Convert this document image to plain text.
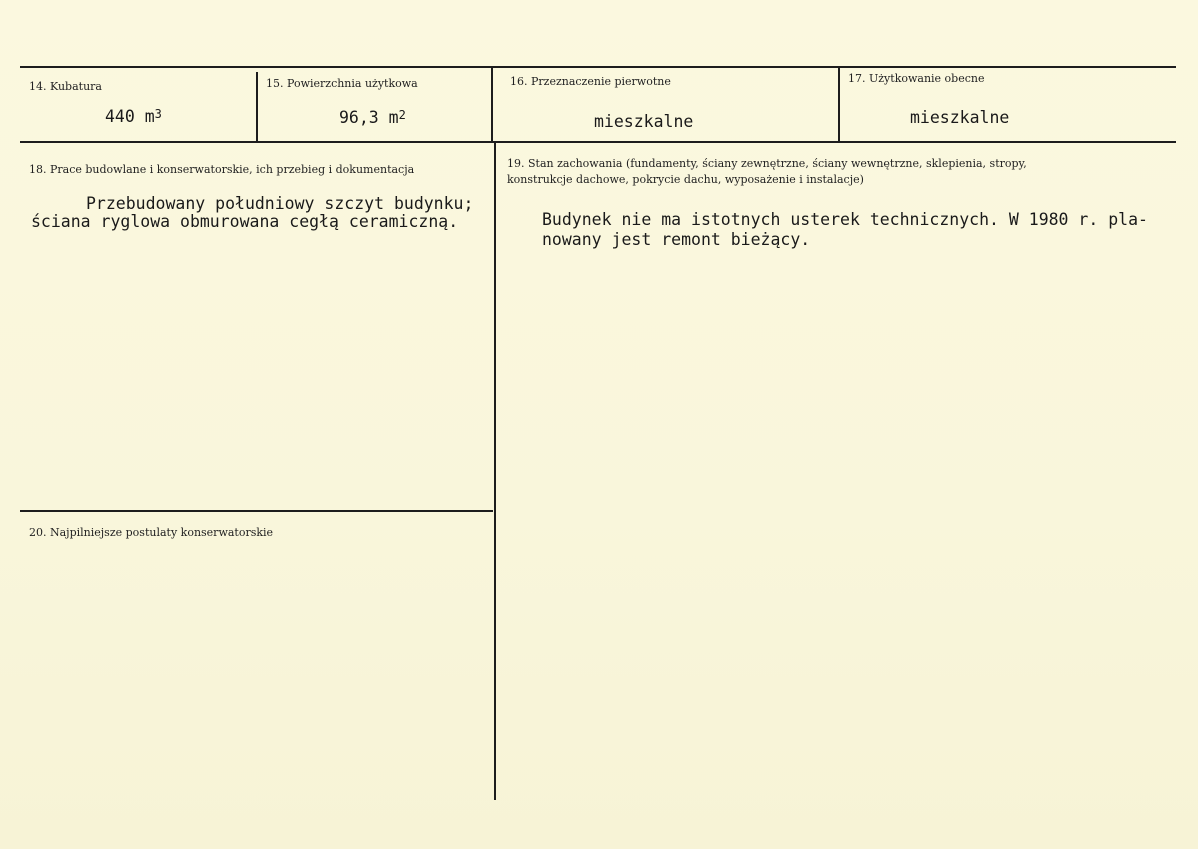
14. Kubatura
440 $m^3$
15. Powierzchnia użytkowa
96,3 $m^2$
16. Przeznaczenie pierwotne
mieszkalne
17. Użytkowanie obecne
mieszkalne
18. Prace budowlane i konserwatorskie, ich przebieg i dokumentacja
Przebudowany południowy szczyt budynku;
ściana ryglowa obmurowana cegłą ceramiczną.
19. Stan zachowania (fundamenty, ściany zewnętrzne, ściany wewnętrzne, sklepienia, stropy,
konstrukcje dachowe, pokrycie dachu, wyposażenie i instalacje)
Budynek nie ma istotnych usterek technicznych. W 1980 r. pla-
nowany jest remont bieżący.
20. Najpilniejsze postulaty konserwatorskie
